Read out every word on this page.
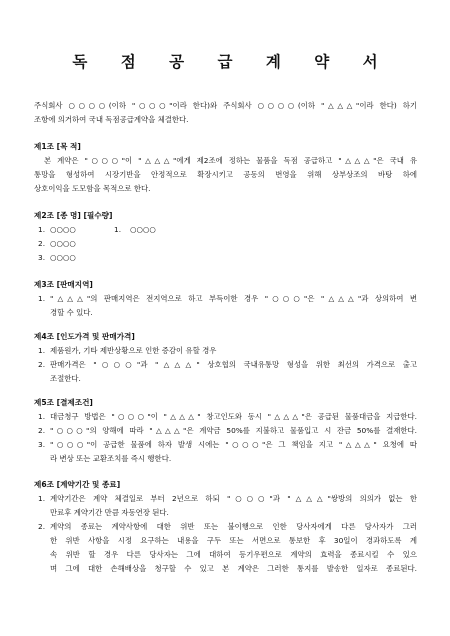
독 점 공 급 계 약 서
주식회사 ○○○○(이하 "○○○"이라 한다)와 주식회사 ○○○○(이하 "△△△"이라 한다) 하기
조항에 의거하여 국내 독점공급계약을 체결한다.
제1조 [목 적]
본 계약은 "○○○"이 "△△△"에게 제2조에 정하는 물품을 독점 공급하고 "△△△"은 국내 유
통망을 형성하여 시장기반을 안정적으로 확장시키고 공동의 번영을 위해 상부상조의 바탕 하에
상호이익을 도모함을 목적으로 한다.
제2조 [종 명] [필수량]
1. ○○○○	1. ○○○○
2. ○○○○
3. ○○○○
제3조 [판매지역]
1. "△△△"의 판매지역은 전지역으로 하고 부득이한 경우 "○○○"은 "△△△"과 상의하여 변
경할 수 있다.
제4조 [인도가격 및 판매가격]
1. 제품원가, 기타 제반상황으로 인한 증감이 유할 경우
2. 판매가격은 "○○○"과 "△△△" 상호협의 국내유통망 형성을 위한 최선의 가격으로 출고
조절한다.
제5조 [결제조건]
1. 대금청구 방법은 "○○○"이 "△△△" 창고인도와 동시 "△△△"은 공급된 물품대금을 지급한다.
2. "○○○"의 양해에 따라 "△△△"은 계약금 50%를 지불하고 물품입고 시 잔금 50%를 결재한다.
3. "○○○"이 공급한 물품에 하자 발생 시에는 "○○○"은 그 책임을 지고 "△△△" 요청에 따
라 변상 또는 교환조치를 즉시 행한다.
제6조 [계약기간 및 종료]
1. 계약기간은 계약 체결일로 부터 2년으로 하되 "○○○"과 "△△△"쌍방의 의의가 없는 한
만료후 계약기간 만큼 자동연장 된다.
2. 계약의 종료는 계약사항에 대한 위반 또는 불이행으로 인한 당사자에게 다른 당사자가 그러
한 위반 사항을 시정 요구하는 내용을 구두 또는 서면으로 통보한 후 30일이 경과하도록 계
속 위반 할 경우 다른 당사자는 그에 대하여 등기우편으로 계약의 효력을 종료시킬 수 있으
며 그에 대한 손해배상을 청구할 수 있고 본 계약은 그러한 통지를 발송한 일자로 종료된다.
